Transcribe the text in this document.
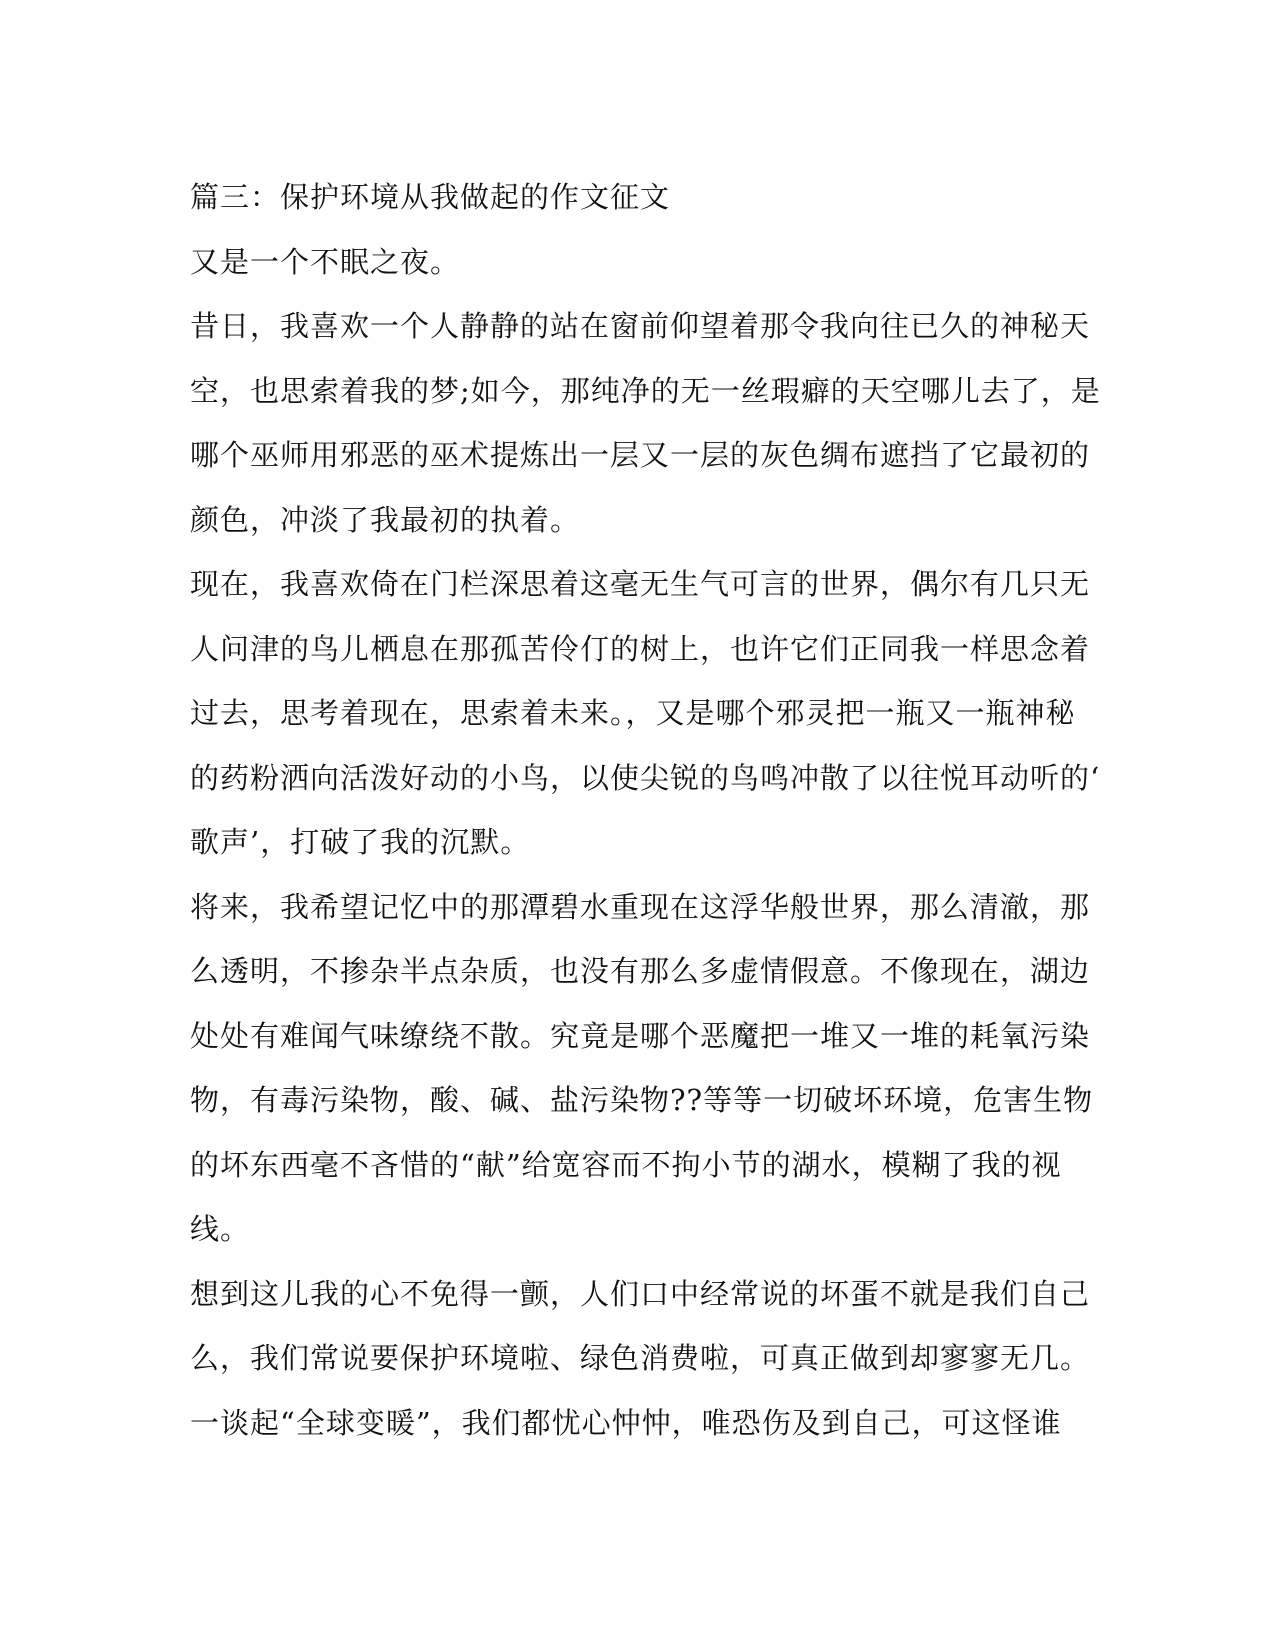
篇三：保护环境从我做起的作文征文
又是一个不眠之夜。
昔日，我喜欢一个人静静的站在窗前仰望着那令我向往已久的神秘天
空，也思索着我的梦;如今，那纯净的无一丝瑕癖的天空哪儿去了，是
哪个巫师用邪恶的巫术提炼出一层又一层的灰色绸布遮挡了它最初的
颜色，冲淡了我最初的执着。
现在，我喜欢倚在门栏深思着这毫无生气可言的世界，偶尔有几只无
人问津的鸟儿栖息在那孤苦伶仃的树上，也许它们正同我一样思念着
过去，思考着现在，思索着未来。，又是哪个邪灵把一瓶又一瓶神秘
的药粉洒向活泼好动的小鸟，以使尖锐的鸟鸣冲散了以往悦耳动听的‘
歌声’，打破了我的沉默。
将来，我希望记忆中的那潭碧水重现在这浮华般世界，那么清澈，那
么透明，不掺杂半点杂质，也没有那么多虚情假意。不像现在，湖边
处处有难闻气味缭绕不散。究竟是哪个恶魔把一堆又一堆的耗氧污染
物，有毒污染物，酸、碱、盐污染物??等等一切破坏环境，危害生物
的坏东西毫不吝惜的“献”给宽容而不拘小节的湖水，模糊了我的视
线。
想到这儿我的心不免得一颤，人们口中经常说的坏蛋不就是我们自己
么，我们常说要保护环境啦、绿色消费啦，可真正做到却寥寥无几。
一谈起“全球变暖”，我们都忧心忡忡，唯恐伤及到自己，可这怪谁
